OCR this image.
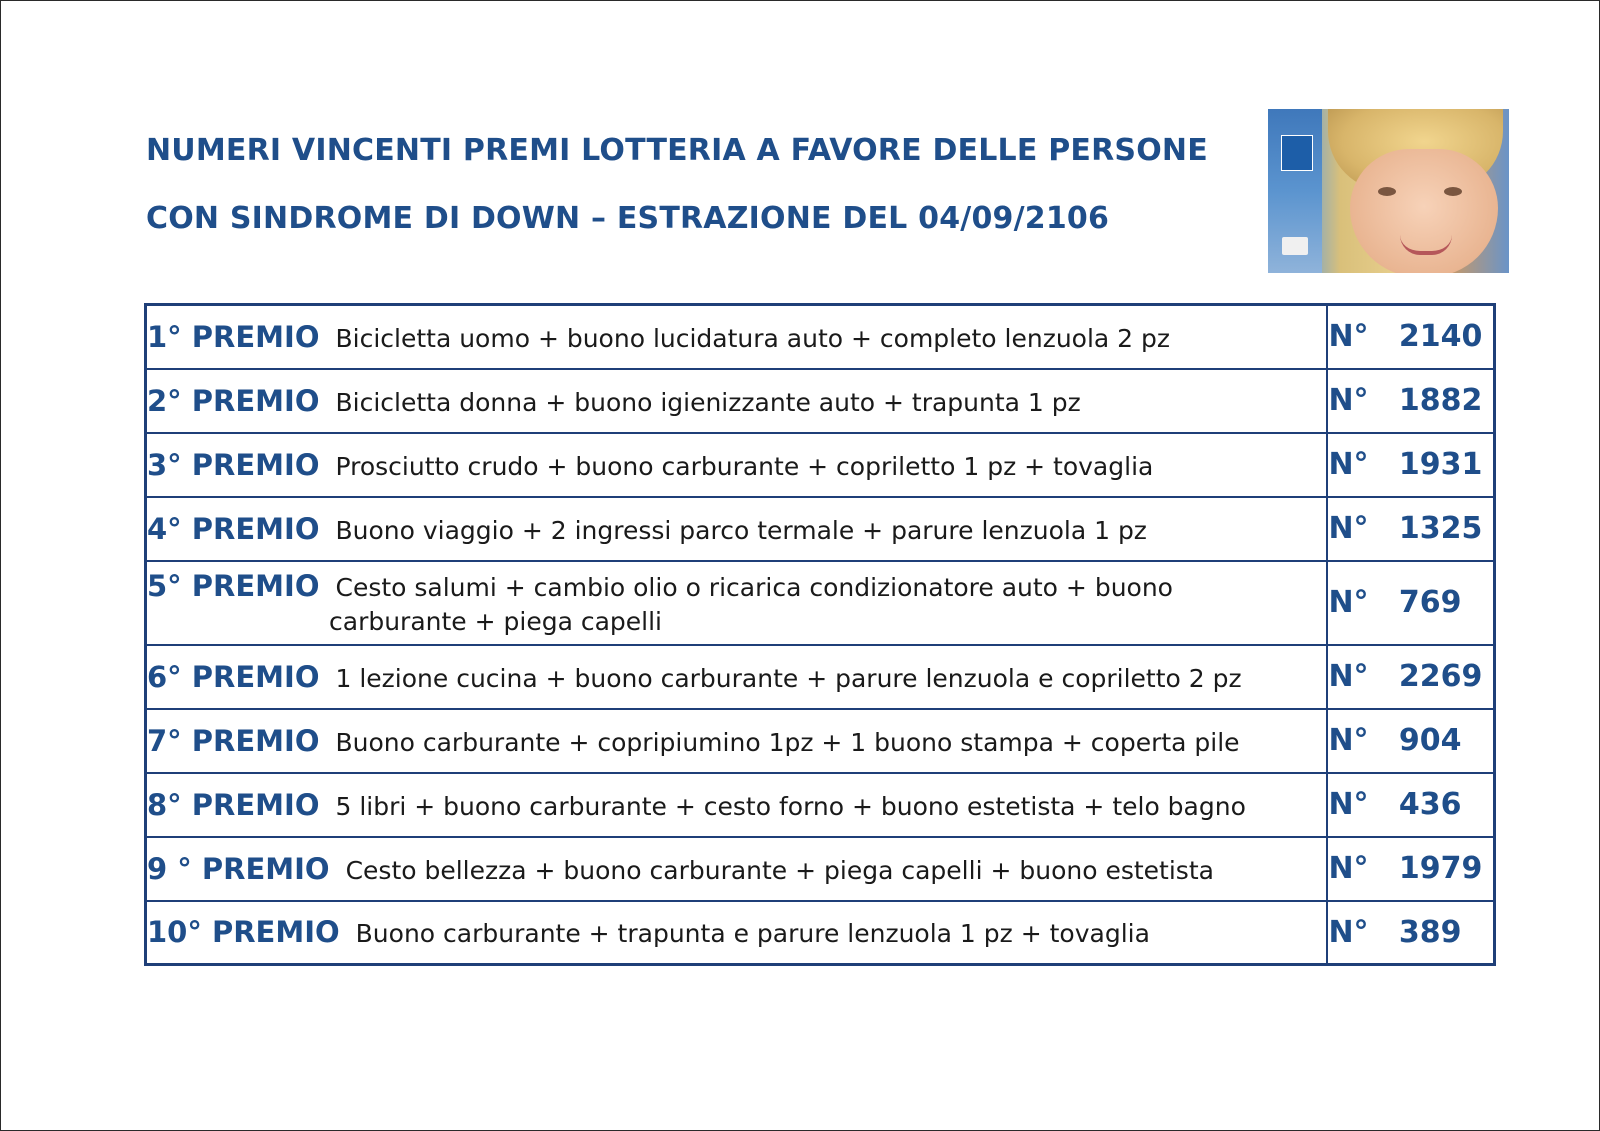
NUMERI VINCENTI PREMI LOTTERIA A FAVORE DELLE PERSONE
CON SINDROME DI DOWN – ESTRAZIONE DEL 04/09/2106
1° PREMIO Bicicletta uomo + buono lucidatura auto + completo lenzuola 2 pz	N° 2140

2° PREMIO Bicicletta donna + buono igienizzante auto + trapunta 1 pz	N° 1882

3° PREMIO Prosciutto crudo + buono carburante + copriletto 1 pz + tovaglia	N° 1931

4° PREMIO Buono viaggio + 2 ingressi parco termale + parure lenzuola 1 pz	N° 1325

5° PREMIO Cesto salumi + cambio olio o ricarica condizionatore auto + buono
carburante + piega capelli	N° 769

6° PREMIO 1 lezione cucina + buono carburante + parure lenzuola e copriletto 2 pz	N° 2269

7° PREMIO Buono carburante + copripiumino 1pz + 1 buono stampa + coperta pile	N° 904

8° PREMIO 5 libri + buono carburante + cesto forno + buono estetista + telo bagno	N° 436

9 ° PREMIO Cesto bellezza + buono carburante + piega capelli + buono estetista	N° 1979

10° PREMIO Buono carburante + trapunta e parure lenzuola 1 pz + tovaglia	N° 389
